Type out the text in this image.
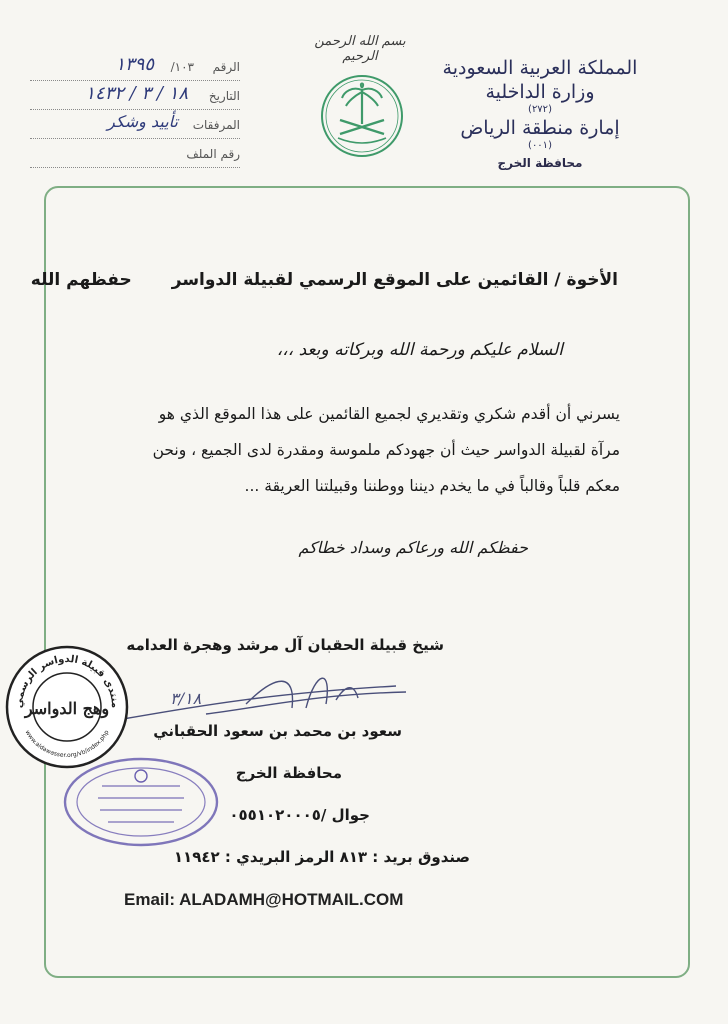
بسم الله الرحمن الرحيم
المملكة العربية السعودية
وزارة الداخلية
(٢٧٢)
إمارة منطقة الرياض
(٠٠١)
محافظة الخرج
الرقم
١٠٣/
١٣٩٥
التاريخ
١٨ / ٣ / ١٤٣٢
المرفقات
تأييد وشكر
رقم الملف
الأخوة / القائمين على الموقع الرسمي لقبيلة الدواسرحفظهم الله
السلام عليكم ورحمة الله وبركاته وبعد ،،،
يسرني أن أقدم شكري وتقديري لجميع القائمين على هذا الموقع الذي هو
مرآة لقبيلة الدواسر حيث أن جهودكم ملموسة ومقدرة لدى الجميع ، ونحن
معكم قلباً وقالباً في ما يخدم ديننا ووطننا وقبيلتنا العريقة ...
حفظكم الله ورعاكم وسداد خطاكم
شيخ قبيلة الحقبان آل مرشد وهجرة العدامه
٣/١٨
سعود بن محمد بن سعود الحقباني
محافظة الخرج
جوال /٠٥٥١٠٢٠٠٠٥
صندوق بريد : ٨١٣ الرمز البريدي : ١١٩٤٢
Email: ALADAMH@HOTMAIL.COM
منتدى قبيلة الدواسر الرسمي
www.aldawasser.org/vb/index.php
وهج الدواسر
